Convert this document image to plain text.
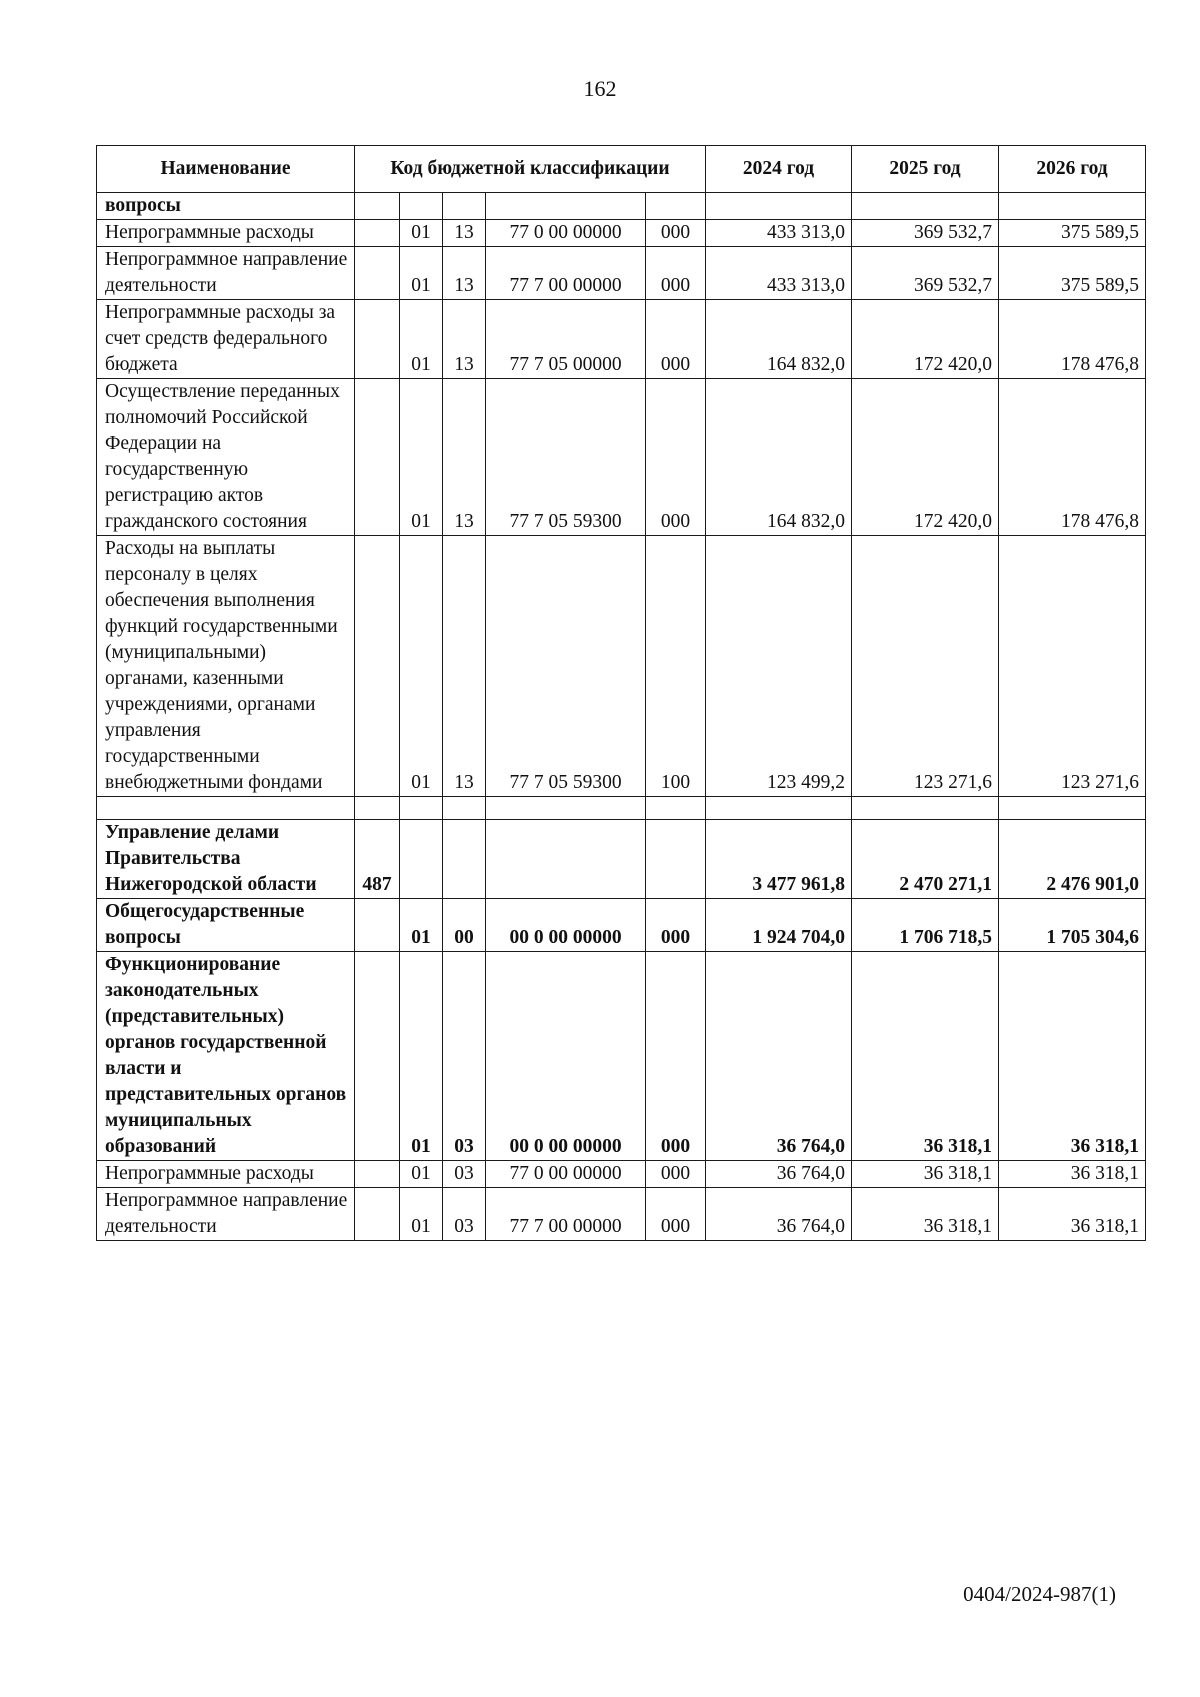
162
Наименование	Код бюджетной классификации					2024 год	2025 год	2026 год
вопросы								
Непрограммные расходы		01	13	77 0 00 00000	000	433 313,0	369 532,7	375 589,5
Непрограммное направление деятельности		01	13	77 7 00 00000	000	433 313,0	369 532,7	375 589,5
Непрограммные расходы за счет средств федерального бюджета		01	13	77 7 05 00000	000	164 832,0	172 420,0	178 476,8
Осуществление переданных полномочий Российской Федерации на государственную регистрацию актов гражданского состояния		01	13	77 7 05 59300	000	164 832,0	172 420,0	178 476,8
Расходы на выплаты персоналу в целях обеспечения выполнения функций государственными (муниципальными) органами, казенными учреждениями, органами управления государственными внебюджетными фондами		01	13	77 7 05 59300	100	123 499,2	123 271,6	123 271,6

Управление делами Правительства Нижегородской области	487					3 477 961,8	2 470 271,1	2 476 901,0
Общегосударственные вопросы		01	00	00 0 00 00000	000	1 924 704,0	1 706 718,5	1 705 304,6
Функционирование законодательных (представительных) органов государственной власти и представительных органов муниципальных образований		01	03	00 0 00 00000	000	36 764,0	36 318,1	36 318,1
Непрограммные расходы		01	03	77 0 00 00000	000	36 764,0	36 318,1	36 318,1
Непрограммное направление деятельности		01	03	77 7 00 00000	000	36 764,0	36 318,1	36 318,1
0404/2024-987(1)
